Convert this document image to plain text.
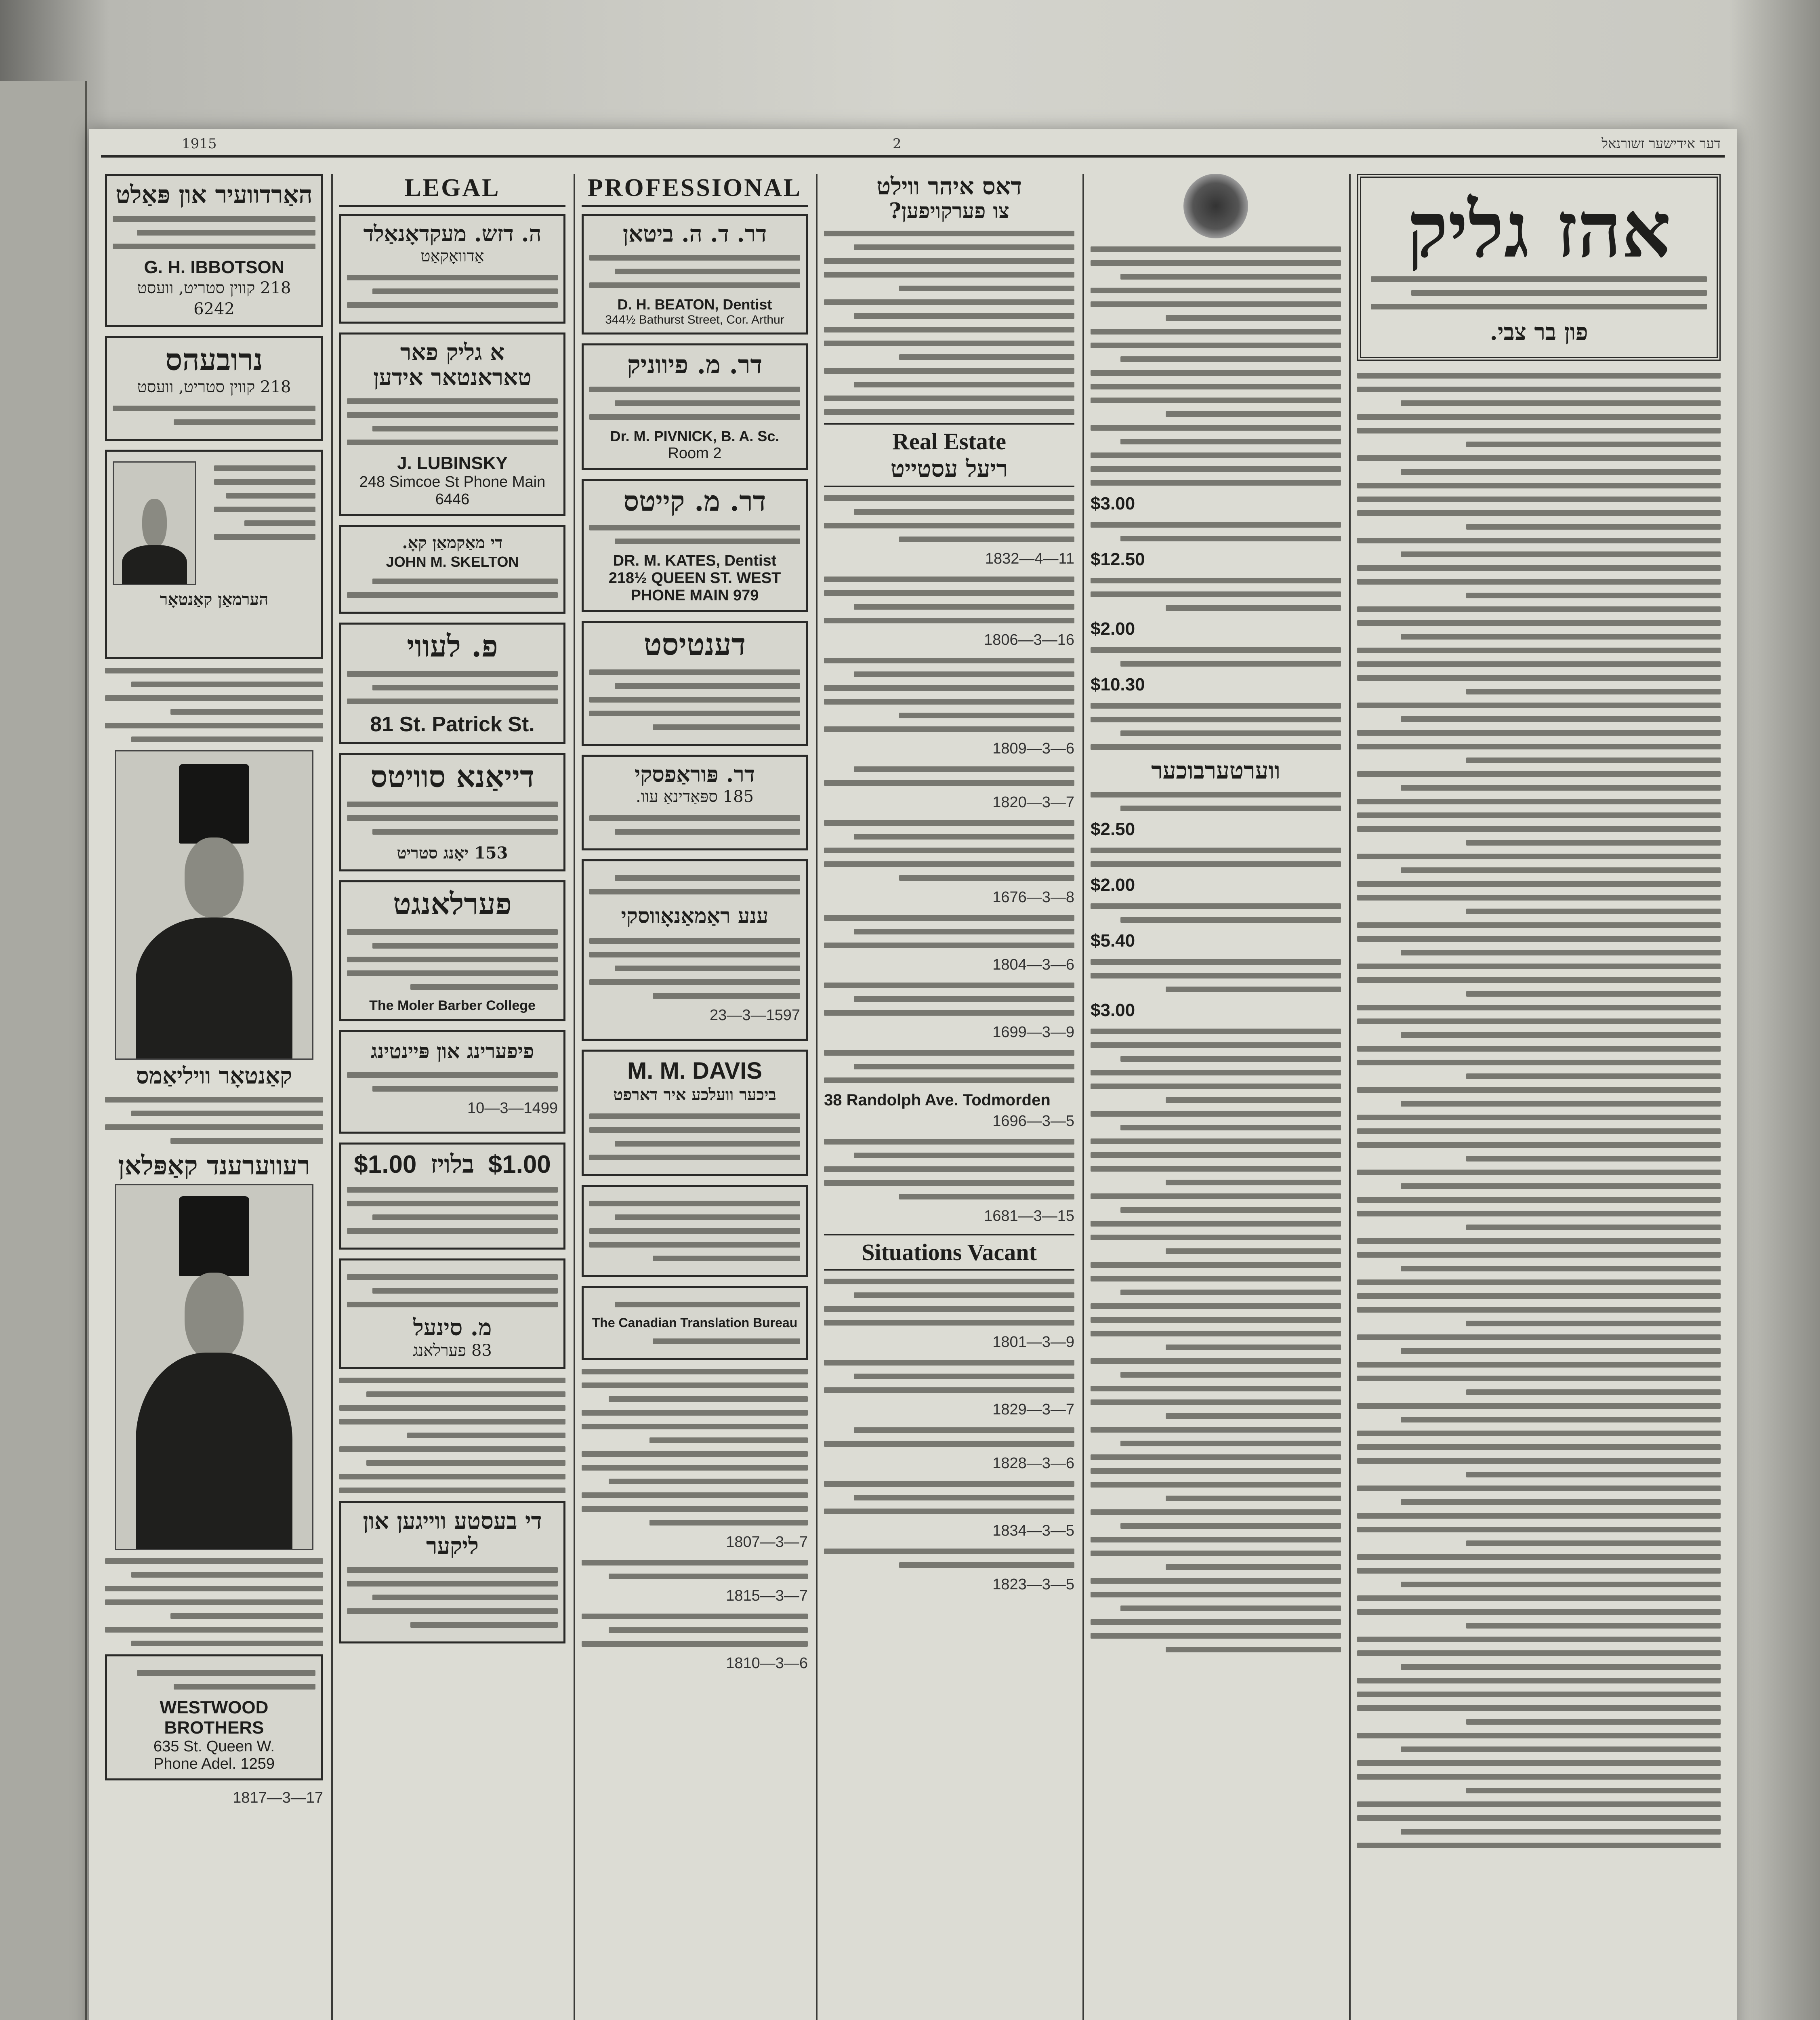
1915	2	דער אידישער זשורנאל
האַרדוועיר און פּאַלט
G. H. IBBOTSON
218 קווין סטריט, וועסט
6242
נרובעהס
218 קווין סטריט, וועסט
הערמאַן קאַנטאָר
קאַנטאָר וויליאַמס
רעווערענד קאַפּלאן
WESTWOOD BROTHERS
635 St. Queen W.
Phone Adel. 1259
1817—3—17
LEGAL
ה. דזש. מעקדאָנאַלד
אַדוואָקאַט
א גליק פאר טאראנטאר אידען
J. LUBINSKY
248 Simcoe St Phone Main 6446
די מאַקמאַן קאָ.
JOHN M. SKELTON
פ. לעווי
81 St. Patrick St.
דייאַנא סוויטס
153 יאָנג סטריט
פערלאנגט
The Moler Barber College
פיפערינג און פּיינטינג
1499—3—10
$1.00
בלויז
$1.00
מ. סינעל
83 פערלאנג
די בעסטע ווייגען און ליקער
PROFESSIONAL
דר. ד. ה. ביטאן
D. H. BEATON, Dentist
344½ Bathurst Street, Cor. Arthur
דר. מ. פיווניק
Dr. M. PIVNICK, B. A. Sc.
Room 2
דר. מ. קייטס
DR. M. KATES, Dentist
218½ QUEEN ST. WEST
PHONE MAIN 979
דענטיסט
דר. פּוראַפסקי
185 ספּאַדינאַ עוו.
ענע ראַמאַנאָווסקי
1597—3—23
M. M. DAVIS
ביכער וועלכע איר דארפט
The Canadian Translation Bureau
1807—3—7
1815—3—7
1810—3—6
דאס איהר ווילט
צו פערקויפען?
Real Estate
ריעל עסטייט
1832—4—11
1806—3—16
1809—3—6
1820—3—7
1676—3—8
1804—3—6
1699—3—9
38 Randolph Ave. Todmorden
1696—3—5
1681—3—15
Situations Vacant
1801—3—9
1829—3—7
1828—3—6
1834—3—5
1823—3—5
$3.00
$12.50
$2.00
$10.30
ווערטערבוכער
$2.50
$2.00
$5.40
$3.00
אהז גליק
פון בר צבי.
